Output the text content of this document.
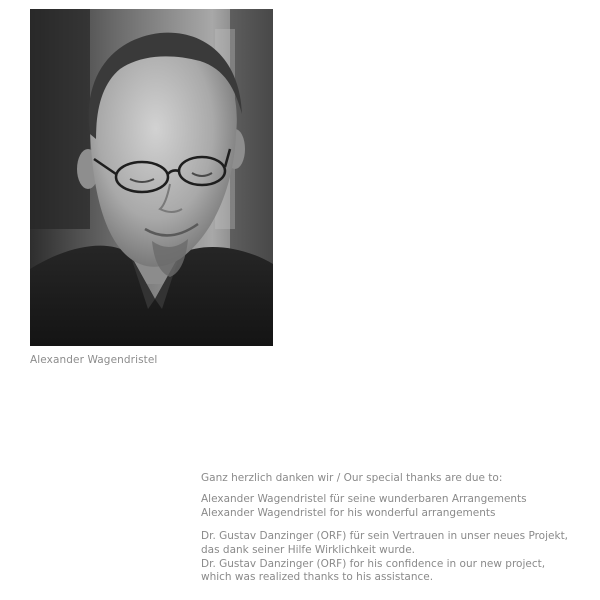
Alexander Wagendristel
Ganz herzlich danken wir / Our special thanks are due to:
Alexander Wagendristel für seine wunderbaren Arrangements
Alexander Wagendristel for his wonderful arrangements
Dr. Gustav Danzinger (ORF) für sein Vertrauen in unser neues Projekt,
das dank seiner Hilfe Wirklichkeit wurde.
Dr. Gustav Danzinger (ORF) for his confidence in our new project,
which was realized thanks to his assistance.
